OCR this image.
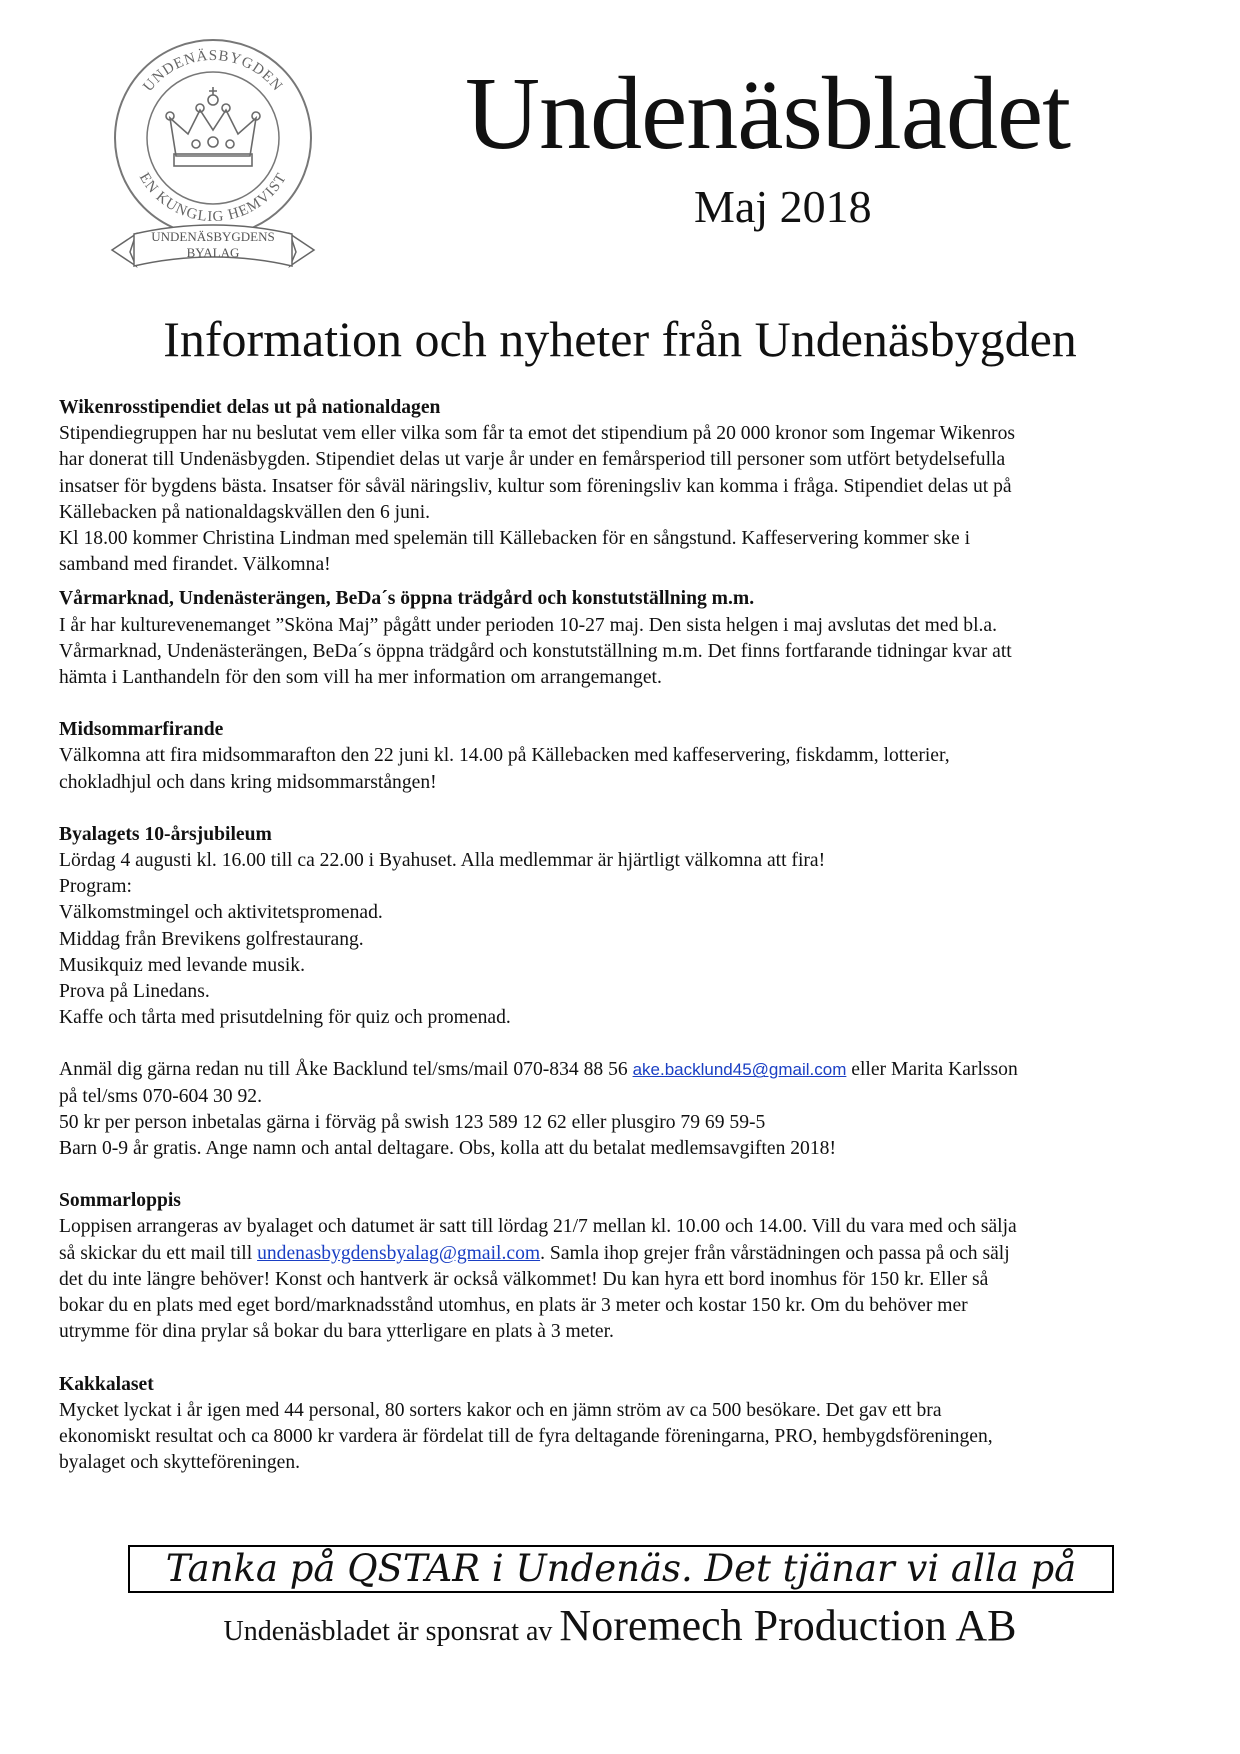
UNDENÄSBYGDEN
EN KUNGLIG HEMVIST
UNDENÄSBYGDENS
BYALAG
Undenäsbladet
Maj 2018
Information och nyheter från Undenäsbygden
Wikenrosstipendiet delas ut på nationaldagen

Stipendiegruppen har nu beslutat vem eller vilka som får ta emot det stipendium på 20 000 kronor som Ingemar Wikenros

har donerat till Undenäsbygden. Stipendiet delas ut varje år under en femårsperiod till personer som utfört betydelsefulla

insatser för bygdens bästa. Insatser för såväl näringsliv, kultur som föreningsliv kan komma i fråga. Stipendiet delas ut på

Källebacken på nationaldagskvällen den 6 juni.

Kl 18.00 kommer Christina Lindman med spelemän till Källebacken för en sångstund. Kaffeservering kommer ske i

samband med firandet. Välkomna!

Vårmarknad, Undenästerängen, BeDa´s öppna trädgård och konstutställning m.m.

I år har kulturevenemanget ”Sköna Maj” pågått under perioden 10-27 maj. Den sista helgen i maj avslutas det med bl.a.

Vårmarknad, Undenästerängen, BeDa´s öppna trädgård och konstutställning m.m. Det finns fortfarande tidningar kvar att

hämta i Lanthandeln för den som vill ha mer information om arrangemanget.

Midsommarfirande

Välkomna att fira midsommarafton den 22 juni kl. 14.00 på Källebacken med kaffeservering, fiskdamm, lotterier,

chokladhjul och dans kring midsommarstången!

Byalagets 10-årsjubileum

Lördag 4 augusti kl. 16.00 till ca 22.00 i Byahuset. Alla medlemmar är hjärtligt välkomna att fira!

Program:

Välkomstmingel och aktivitetspromenad.

Middag från Brevikens golfrestaurang.

Musikquiz med levande musik.

Prova på Linedans.

Kaffe och tårta med prisutdelning för quiz och promenad.

Anmäl dig gärna redan nu till Åke Backlund tel/sms/mail 070-834 88 56 ake.backlund45@gmail.com eller Marita Karlsson

på tel/sms 070-604 30 92.

50 kr per person inbetalas gärna i förväg på swish 123 589 12 62 eller plusgiro 79 69 59-5

Barn 0-9 år gratis. Ange namn och antal deltagare. Obs, kolla att du betalat medlemsavgiften 2018!

Sommarloppis

Loppisen arrangeras av byalaget och datumet är satt till lördag 21/7 mellan kl. 10.00 och 14.00. Vill du vara med och sälja

så skickar du ett mail till undenasbygdensbyalag@gmail.com. Samla ihop grejer från vårstädningen och passa på och sälj

det du inte längre behöver! Konst och hantverk är också välkommet! Du kan hyra ett bord inomhus för 150 kr. Eller så

bokar du en plats med eget bord/marknadsstånd utomhus, en plats är 3 meter och kostar 150 kr. Om du behöver mer

utrymme för dina prylar så bokar du bara ytterligare en plats à 3 meter.

Kakkalaset

Mycket lyckat i år igen med 44 personal, 80 sorters kakor och en jämn ström av ca 500 besökare. Det gav ett bra

ekonomiskt resultat och ca 8000 kr vardera är fördelat till de fyra deltagande föreningarna, PRO, hembygdsföreningen,

byalaget och skytteföreningen.

Tanka på QSTAR i Undenäs. Det tjänar vi alla på
Undenäsbladet är sponsrat av Noremech Production AB
